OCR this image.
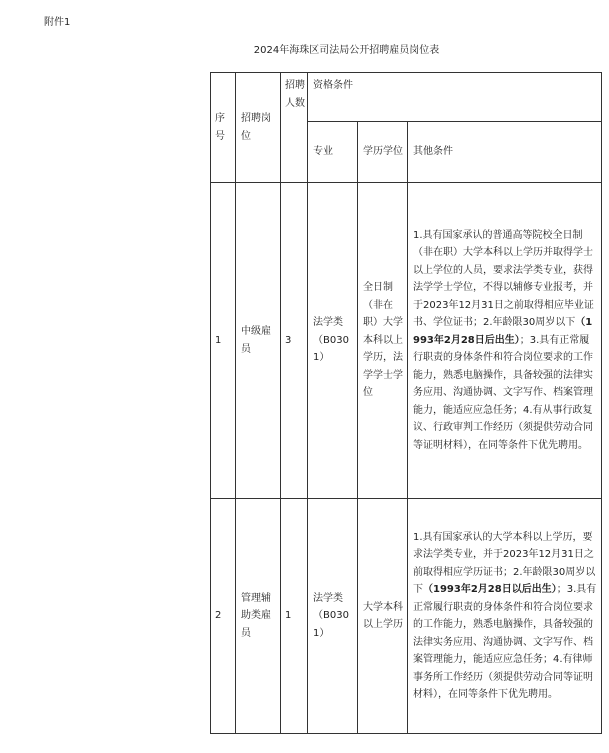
附件1
2024年海珠区司法局公开招聘雇员岗位表
序号	招聘岗位	招聘人数	资格条件		
			专业	学历学位	其他条件
1	中级雇员	3	法学类（B0301）	全日制（非在职）大学本科以上学历，法学学士学位	1.具有国家承认的普通高等院校全日制（非在职）大学本科以上学历并取得学士以上学位的人员，要求法学类专业，获得法学学士学位，不得以辅修专业报考，并于2023年12月31日之前取得相应毕业证书、学位证书；2.年龄限30周岁以下（1993年2月28日后出生）；3.具有正常履行职责的身体条件和符合岗位要求的工作能力，熟悉电脑操作，具备较强的法律实务应用、沟通协调、文字写作、档案管理能力，能适应应急任务；4.有从事行政复议、行政审判工作经历（须提供劳动合同等证明材料），在同等条件下优先聘用。
2	管理辅助类雇员	1	法学类（B0301）	大学本科以上学历	1.具有国家承认的大学本科以上学历，要求法学类专业，并于2023年12月31日之前取得相应学历证书；2.年龄限30周岁以下（1993年2月28日以后出生）；3.具有正常履行职责的身体条件和符合岗位要求的工作能力，熟悉电脑操作，具备较强的法律实务应用、沟通协调、文字写作、档案管理能力，能适应应急任务；4.有律师事务所工作经历（须提供劳动合同等证明材料），在同等条件下优先聘用。
